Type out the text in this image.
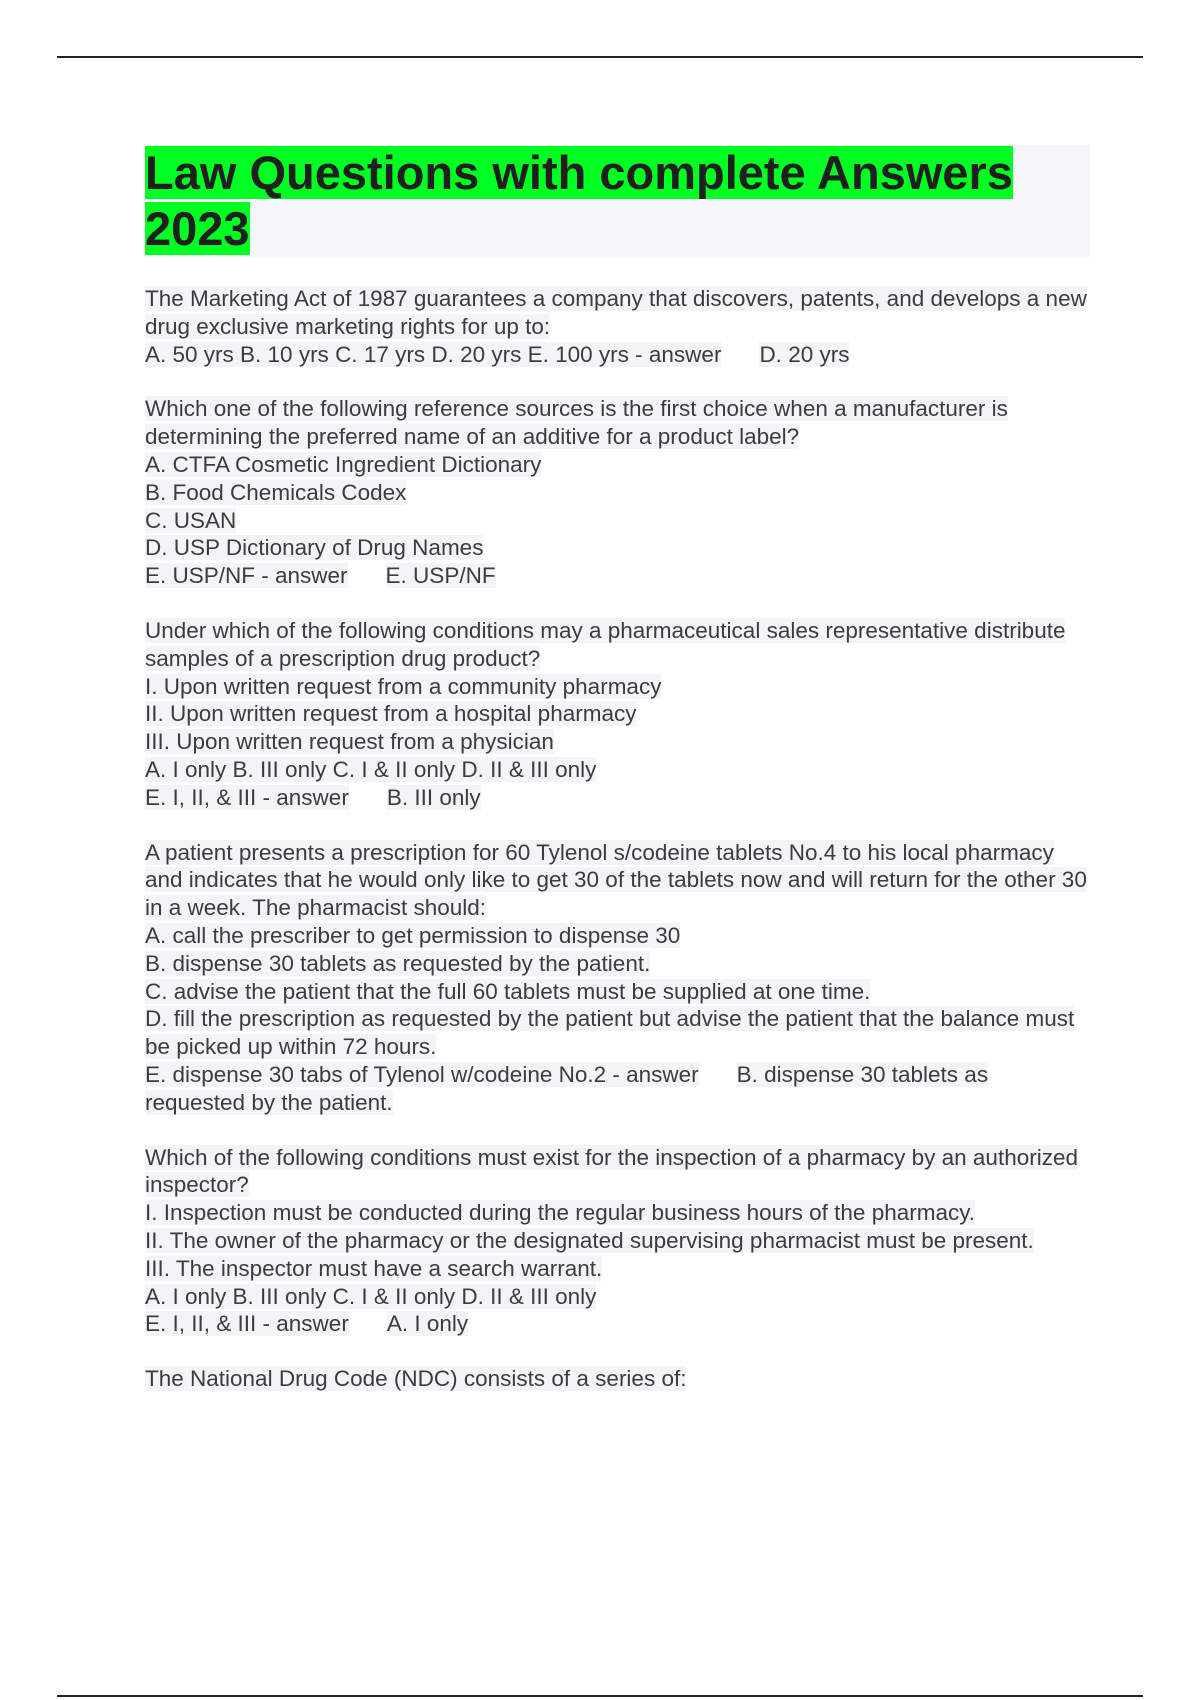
Law Questions with complete Answers 2023
The Marketing Act of 1987 guarantees a company that discovers, patents, and develops a new drug exclusive marketing rights for up to:
A. 50 yrs B. 10 yrs C. 17 yrs D. 20 yrs E. 100 yrs - answer D. 20 yrs
Which one of the following reference sources is the first choice when a manufacturer is determining the preferred name of an additive for a product label?
A. CTFA Cosmetic Ingredient Dictionary
B. Food Chemicals Codex
C. USAN
D. USP Dictionary of Drug Names
E. USP/NF - answer E. USP/NF
Under which of the following conditions may a pharmaceutical sales representative distribute samples of a prescription drug product?
I. Upon written request from a community pharmacy
II. Upon written request from a hospital pharmacy
III. Upon written request from a physician
A. I only B. III only C. I & II only D. II & III only
E. I, II, & III - answer B. III only
A patient presents a prescription for 60 Tylenol s/codeine tablets No.4 to his local pharmacy and indicates that he would only like to get 30 of the tablets now and will return for the other 30 in a week. The pharmacist should:
A. call the prescriber to get permission to dispense 30
B. dispense 30 tablets as requested by the patient.
C. advise the patient that the full 60 tablets must be supplied at one time.
D. fill the prescription as requested by the patient but advise the patient that the balance must be picked up within 72 hours.
E. dispense 30 tabs of Tylenol w/codeine No.2 - answer B. dispense 30 tablets as requested by the patient.
Which of the following conditions must exist for the inspection of a pharmacy by an authorized inspector?
I. Inspection must be conducted during the regular business hours of the pharmacy.
II. The owner of the pharmacy or the designated supervising pharmacist must be present.
III. The inspector must have a search warrant.
A. I only B. III only C. I & II only D. II & III only
E. I, II, & III - answer A. I only
The National Drug Code (NDC) consists of a series of:
